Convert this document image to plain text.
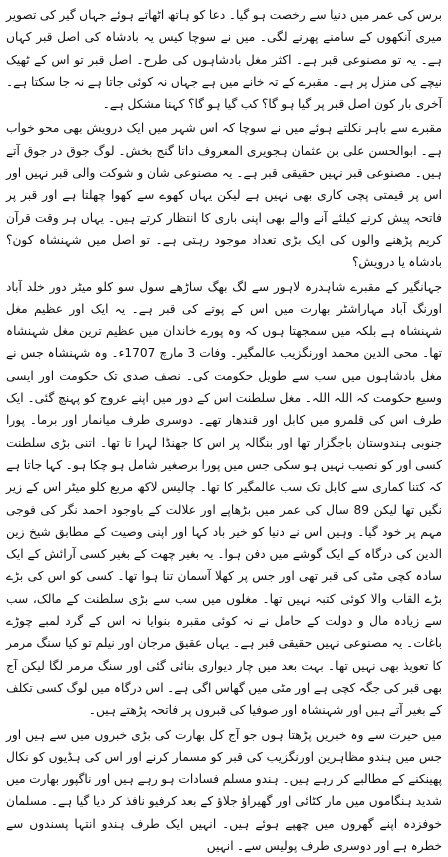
برس کی عمر میں دنیا سے رخصت ہو گیا۔ دعا کو ہاتھ اٹھاتے ہوئے جہاں گیر کی تصویر میری آنکھوں کے سامنے پھرنے لگی۔ میں نے سوچا کیس یہ بادشاہ کی اصل قبر کہاں ہے۔ یہ تو مصنوعی قبر ہے۔ اکثر مغل بادشاہوں کی طرح۔ اصل قبر تو اس کے ٹھیک نیچے کی منزل پر ہے۔ مقبرے کے تہ خانے میں ہے جہاں نہ کوئی جاتا ہے نہ جا سکتا ہے۔ آخری بار کون اصل قبر پر گیا ہو گا؟ کب گیا ہو گا؟ کہنا مشکل ہے۔

مقبرے سے باہر نکلتے ہوئے میں نے سوچا کہ اس شہر میں ایک درویش بھی محو خواب ہے۔ ابوالحسن علی بن عثمان ہجویری المعروف داتا گنج بخش۔ لوگ جوق در جوق آتے ہیں۔ مصنوعی قبر نہیں حقیقی قبر ہے۔ یہ مصنوعی شان و شوکت والی قبر نہیں اور اس پر قیمتی پچی کاری بھی نہیں ہے لیکن یہاں کھوے سے کھوا چھلتا ہے اور قبر پر فاتحہ پیش کرنے کیلئے آنے والے بھی اپنی باری کا انتظار کرتے ہیں۔ یہاں ہر وقت قرآن کریم پڑھنے والوں کی ایک بڑی تعداد موجود رہتی ہے۔ تو اصل میں شہنشاہ کون؟ بادشاہ یا درویش؟

جہانگیر کے مقبرے شاہدرہ لاہور سے لگ بھگ ساڑھے سول سو کلو میٹر دور خلد آباد اورنگ آباد مہاراشٹر بھارت میں اس کے پوتے کی قبر ہے۔ یہ ایک اور عظیم مغل شہنشاہ ہے بلکہ میں سمجھتا ہوں کہ وہ پورے خاندان میں عظیم ترین مغل شہنشاہ تھا۔ محی الدین محمد اورنگزیب عالمگیر۔ وفات 3 مارچ 1707ء۔ وہ شہنشاہ جس نے مغل بادشاہوں میں سب سے طویل حکومت کی۔ نصف صدی تک حکومت اور ایسی وسیع حکومت کہ اللہ اللہ۔ مغل سلطنت اس کے دور میں اپنے عروج کو پہنچ گئی۔ ایک طرف اس کی قلمرو میں کابل اور قندھار تھے۔ دوسری طرف میانمار اور برما۔ پورا جنوبی ہندوستان باجگزار تھا اور بنگالہ پر اس کا جھنڈا لہرا تا تھا۔ اتنی بڑی سلطنت کسی اور کو نصیب نہیں ہو سکی جس میں پورا برصغیر شامل ہو چکا ہو۔ کہا جاتا ہے کہ کتنا کماری سے کابل تک سب عالمگیر کا تھا۔ چالیس لاکھ مربع کلو میٹر اس کے زیر نگیں تھا لیکن 89 سال کی عمر میں بڑھاپے اور علالت کے باوجود احمد نگر کی فوجی مہم پر خود گیا۔ وہیں اس نے دنیا کو خیر باد کہا اور اپنی وصیت کے مطابق شیخ زین الدین کی درگاہ کے ایک گوشے میں دفن ہوا۔ یہ بغیر چھت کے بغیر کسی آرائش کے ایک سادہ کچی مٹی کی قبر تھی اور جس پر کھلا آسمان تنا ہوا تھا۔ کسی کو اس کی بڑے بڑے القاب والا کوئی کتبہ نہیں تھا۔ مغلوں میں سب سے بڑی سلطنت کے مالک، سب سے زیادہ مال و دولت کے حامل نے نہ کوئی مقبرہ بنوایا نہ اس کے گرد لمبے چوڑے باغات۔ یہ مصنوعی نہیں حقیقی قبر ہے۔ یہاں عقیق مرجان اور نیلم تو کیا سنگ مرمر کا تعویذ بھی نہیں تھا۔ بہت بعد میں چار دیواری بنائی گئی اور سنگ مرمر لگا لیکن آج بھی قبر کی جگہ کچی ہے اور مٹی میں گھاس اگی ہے۔ اس درگاہ میں لوگ کسی تکلف کے بغیر آتے ہیں اور شہنشاہ اور صوفیا کی قبروں پر فاتحہ پڑھتے ہیں۔

میں حیرت سے وہ خبریں پڑھتا ہوں جو آج کل بھارت کی بڑی خبروں میں سے ہیں اور جس میں ہندو مظاہرین اورنگزیب کی قبر کو مسمار کرنے اور اس کی ہڈیوں کو نکال پھینکنے کے مطالبے کر رہے ہیں۔ ہندو مسلم فسادات ہو رہے ہیں اور ناگپور بھارت میں شدید ہنگاموں میں مار کٹائی اور گھیراؤ جلاؤ کے بعد کرفیو نافذ کر دیا گیا ہے۔ مسلمان خوفزدہ اپنے گھروں میں چھپے ہوئے ہیں۔ انہیں ایک طرف ہندو انتہا پسندوں سے خطرہ ہے اور دوسری طرف پولیس سے۔ انہیں
